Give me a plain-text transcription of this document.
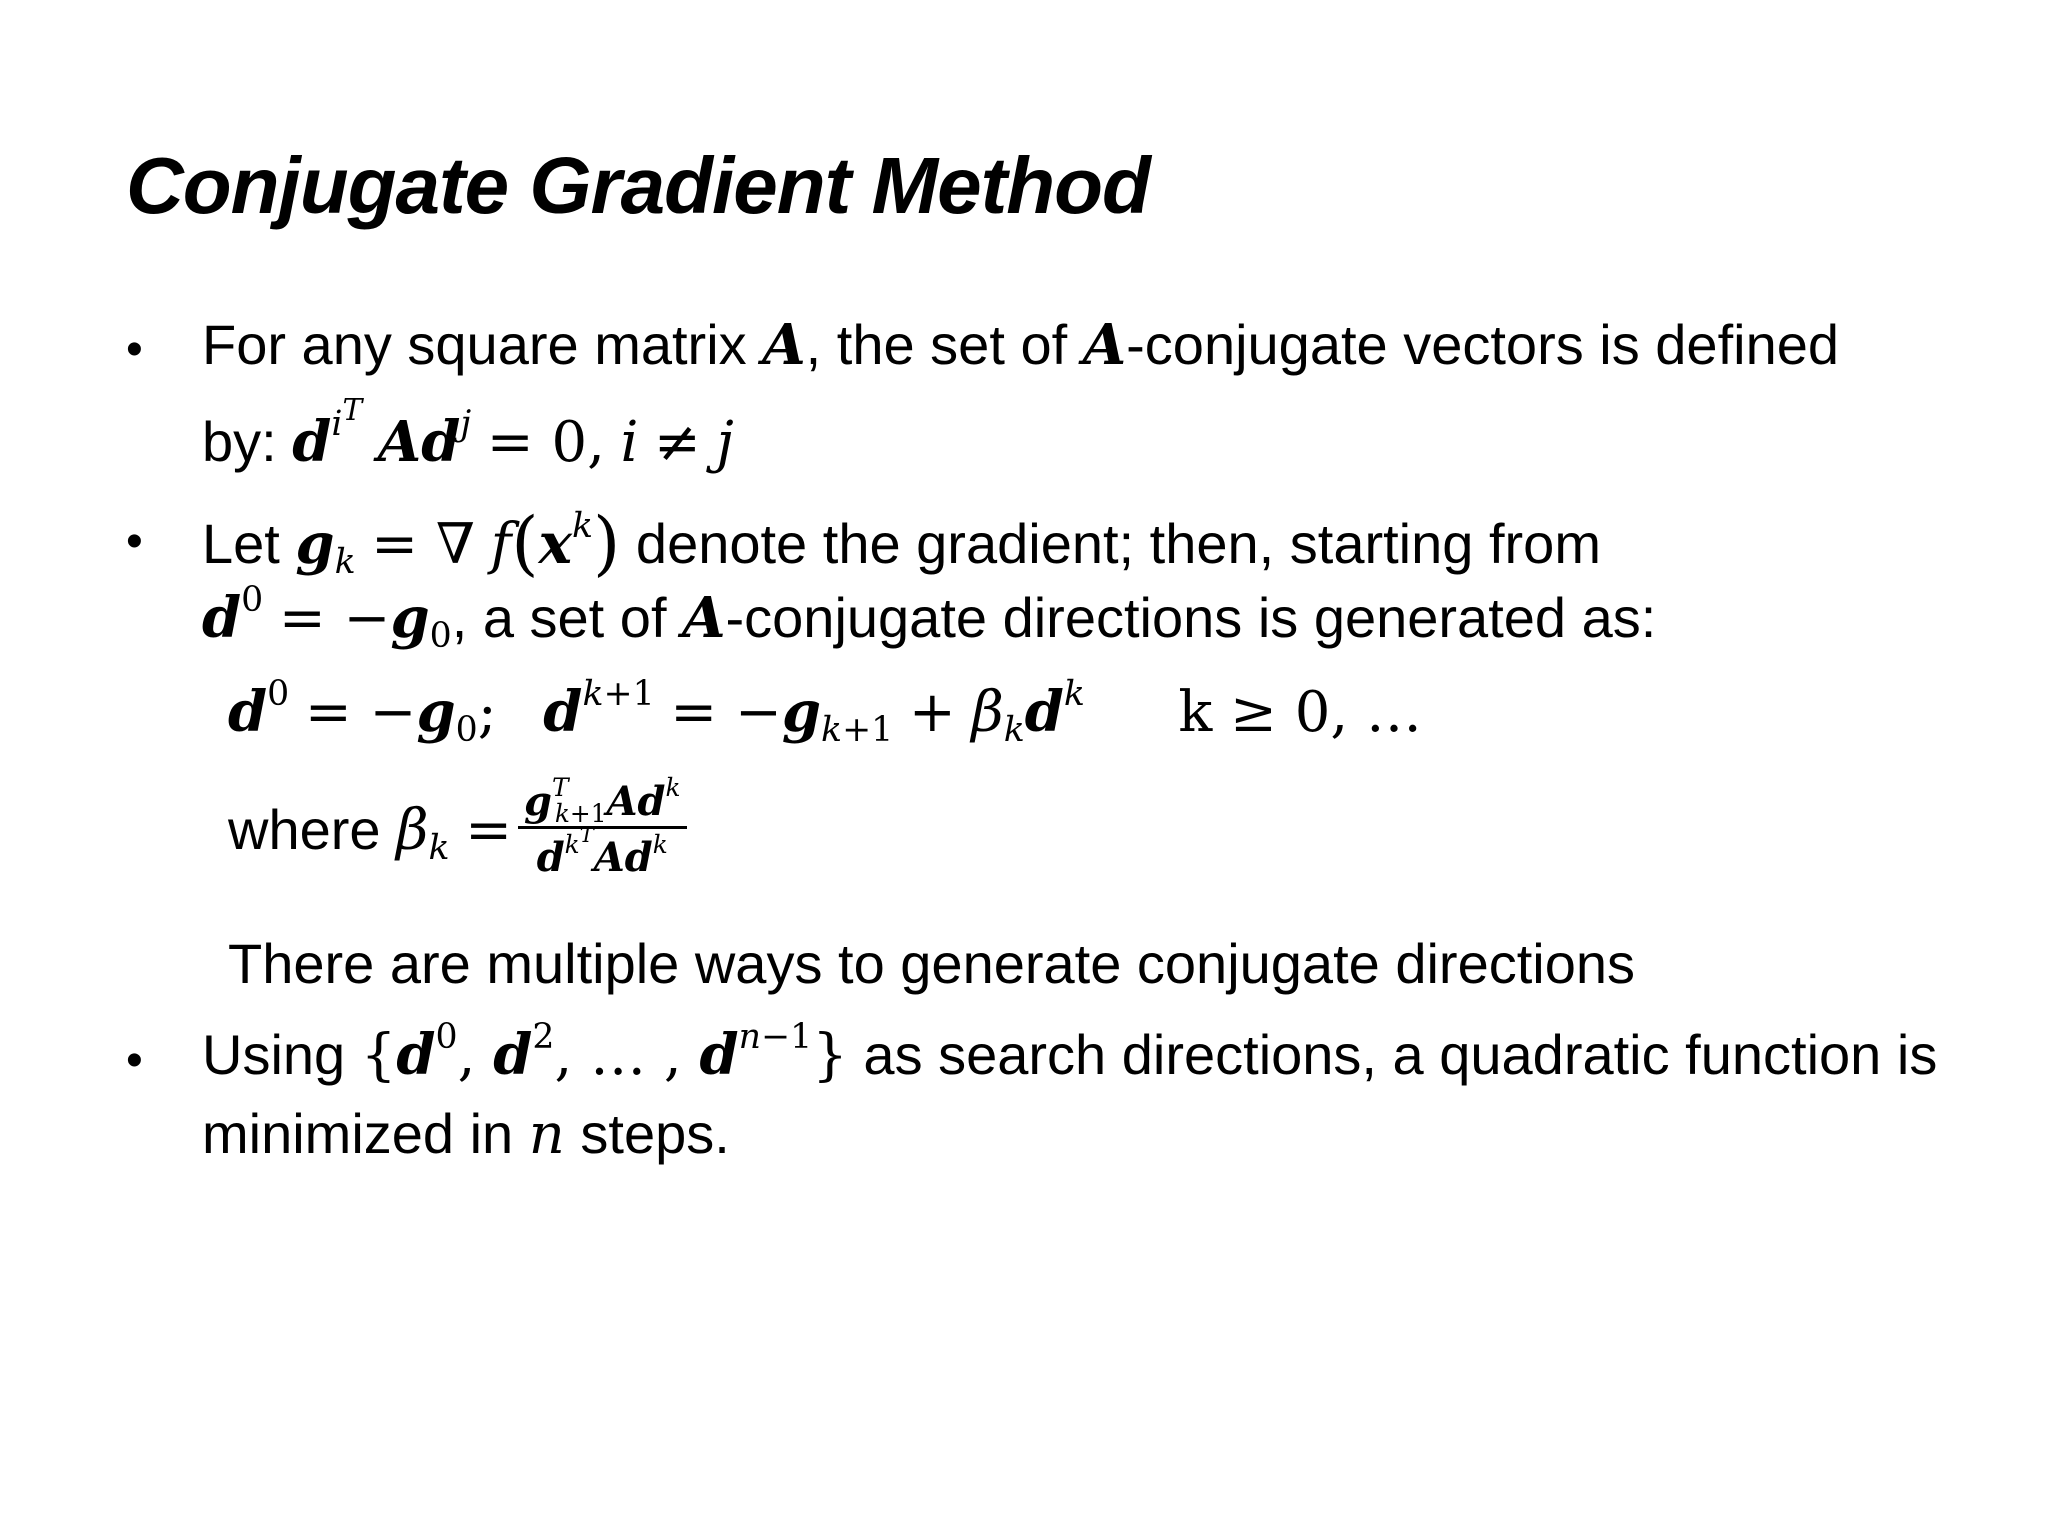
Conjugate Gradient Method
• For any square matrix A, the set of A-conjugate vectors is defined
by: $d^{i^T}$ $Ad^j = 0$, i ≠ j
• Let $g_k$ = ∇ $f(x^k)$ denote the gradient; then, starting from
$d^0 = -g_0$, a set of A-conjugate directions is generated as:
$d^0 = -g_0$; $d^{k+1} = -g_{k+1} + \beta_kd^k$ k ≥ 0, …
where $\beta_k = \frac{g^T_{k+1}Ad^k}{d^{k^T}Ad^k}$
There are multiple ways to generate conjugate directions
• Using {$d^0$, $d^2$, … , $d^{n-1}$} as search directions, a quadratic function is
minimized in n steps.
